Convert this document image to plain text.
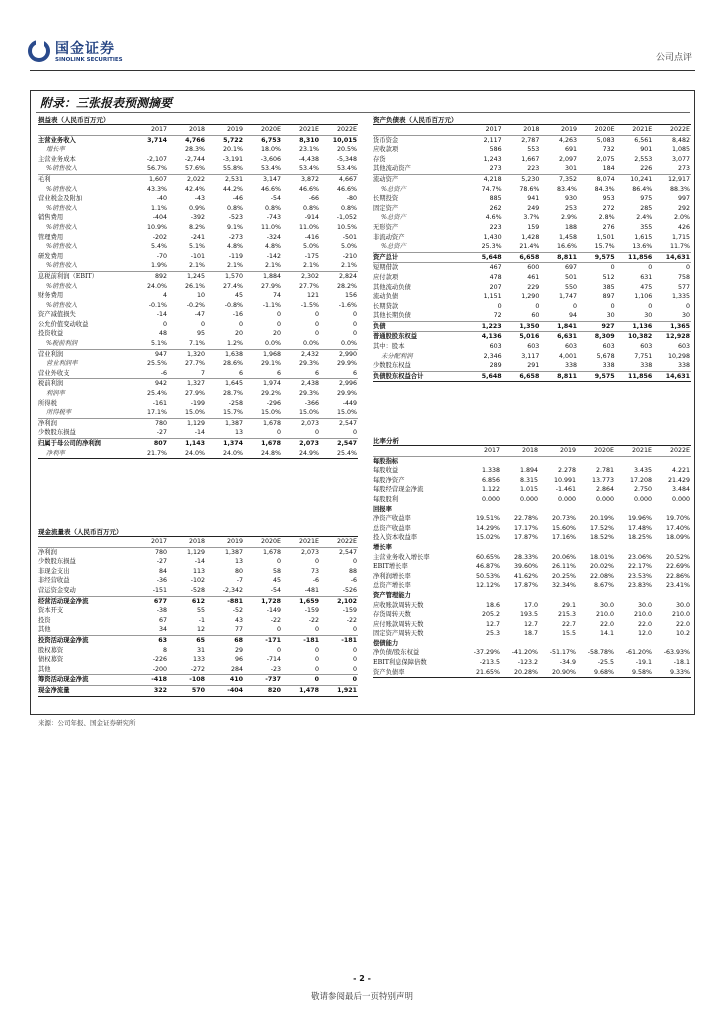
国金证券
SINOLINK SECURITIES	公司点评
附录：三张报表预测摘要
损益表（人民币百万元）
	2017	2018	2019	2020E	2021E	2022E
主营业务收入	3,714	4,766	5,722	6,753	8,310	10,015
增长率		28.3%	20.1%	18.0%	23.1%	20.5%
主营业务成本	-2,107	-2,744	-3,191	-3,606	-4,438	-5,348
%销售收入	56.7%	57.6%	55.8%	53.4%	53.4%	53.4%
毛利	1,607	2,022	2,531	3,147	3,872	4,667
%销售收入	43.3%	42.4%	44.2%	46.6%	46.6%	46.6%
营业税金及附加	-40	-43	-46	-54	-66	-80
%销售收入	1.1%	0.9%	0.8%	0.8%	0.8%	0.8%
销售费用	-404	-392	-523	-743	-914	-1,052
%销售收入	10.9%	8.2%	9.1%	11.0%	11.0%	10.5%
管理费用	-202	-241	-273	-324	-416	-501
%销售收入	5.4%	5.1%	4.8%	4.8%	5.0%	5.0%
研发费用	-70	-101	-119	-142	-175	-210
%销售收入	1.9%	2.1%	2.1%	2.1%	2.1%	2.1%
息税前利润（EBIT）	892	1,245	1,570	1,884	2,302	2,824
%销售收入	24.0%	26.1%	27.4%	27.9%	27.7%	28.2%
财务费用	4	10	45	74	121	156
%销售收入	-0.1%	-0.2%	-0.8%	-1.1%	-1.5%	-1.6%
资产减值损失	-14	-47	-16	0	0	0
公允价值变动收益	0	0	0	0	0	0
投资收益	48	95	20	20	0	0
%税前利润	5.1%	7.1%	1.2%	0.0%	0.0%	0.0%
营业利润	947	1,320	1,638	1,968	2,432	2,990
营业利润率	25.5%	27.7%	28.6%	29.1%	29.3%	29.9%
营业外收支	-6	7	6	6	6	6
税前利润	942	1,327	1,645	1,974	2,438	2,996
利润率	25.4%	27.9%	28.7%	29.2%	29.3%	29.9%
所得税	-161	-199	-258	-296	-366	-449
所得税率	17.1%	15.0%	15.7%	15.0%	15.0%	15.0%
净利润	780	1,129	1,387	1,678	2,073	2,547
少数股东损益	-27	-14	13	0	0	0
归属于母公司的净利润	807	1,143	1,374	1,678	2,073	2,547
净利率	21.7%	24.0%	24.0%	24.8%	24.9%	25.4%
资产负债表（人民币百万元）
	2017	2018	2019	2020E	2021E	2022E
货币资金	2,117	2,787	4,263	5,083	6,561	8,482
应收款项	586	553	691	732	901	1,085
存货	1,243	1,667	2,097	2,075	2,553	3,077
其他流动资产	273	223	301	184	226	273
流动资产	4,218	5,230	7,352	8,074	10,241	12,917
%总资产	74.7%	78.6%	83.4%	84.3%	86.4%	88.3%
长期投资	885	941	930	953	975	997
固定资产	262	249	253	272	285	292
%总资产	4.6%	3.7%	2.9%	2.8%	2.4%	2.0%
无形资产	223	159	188	276	355	426
非流动资产	1,430	1,428	1,458	1,501	1,615	1,715
%总资产	25.3%	21.4%	16.6%	15.7%	13.6%	11.7%
资产总计	5,648	6,658	8,811	9,575	11,856	14,631
短期借款	467	600	697	0	0	0
应付款项	478	461	501	512	631	758
其他流动负债	207	229	550	385	475	577
流动负债	1,151	1,290	1,747	897	1,106	1,335
长期贷款	0	0	0	0	0	0
其他长期负债	72	60	94	30	30	30
负债	1,223	1,350	1,841	927	1,136	1,365
普通股股东权益	4,136	5,016	6,631	8,309	10,382	12,928
其中：股本	603	603	603	603	603	603
未分配利润	2,346	3,117	4,001	5,678	7,751	10,298
少数股东权益	289	291	338	338	338	338
负债股东权益合计	5,648	6,658	8,811	9,575	11,856	14,631
现金流量表（人民币百万元）
	2017	2018	2019	2020E	2021E	2022E
净利润	780	1,129	1,387	1,678	2,073	2,547
少数股东损益	-27	-14	13	0	0	0
非现金支出	84	113	80	58	73	88
非经营收益	-36	-102	-7	45	-6	-6
营运资金变动	-151	-528	-2,342	-54	-481	-526
经营活动现金净流	677	612	-881	1,728	1,659	2,102
资本开支	-38	55	-52	-149	-159	-159
投资	67	-1	43	-22	-22	-22
其他	34	12	77	0	0	0
投资活动现金净流	63	65	68	-171	-181	-181
股权募资	8	31	29	0	0	0
债权募资	-226	133	96	-714	0	0
其他	-200	-272	284	-23	0	0
筹资活动现金净流	-418	-108	410	-737	0	0
现金净流量	322	570	-404	820	1,478	1,921
比率分析
	2017	2018	2019	2020E	2021E	2022E
每股指标						
每股收益	1.338	1.894	2.278	2.781	3.435	4.221
每股净资产	6.856	8.315	10.991	13.773	17.208	21.429
每股经营现金净流	1.122	1.015	-1.461	2.864	2.750	3.484
每股股利	0.000	0.000	0.000	0.000	0.000	0.000
回报率						
净资产收益率	19.51%	22.78%	20.73%	20.19%	19.96%	19.70%
总资产收益率	14.29%	17.17%	15.60%	17.52%	17.48%	17.40%
投入资本收益率	15.02%	17.87%	17.16%	18.52%	18.25%	18.09%
增长率						
主营业务收入增长率	60.65%	28.33%	20.06%	18.01%	23.06%	20.52%
EBIT增长率	46.87%	39.60%	26.11%	20.02%	22.17%	22.69%
净利润增长率	50.53%	41.62%	20.25%	22.08%	23.53%	22.86%
总资产增长率	12.12%	17.87%	32.34%	8.67%	23.83%	23.41%
资产管理能力						
应收账款周转天数	18.6	17.0	29.1	30.0	30.0	30.0
存货周转天数	205.2	193.5	215.3	210.0	210.0	210.0
应付账款周转天数	12.7	12.7	22.7	22.0	22.0	22.0
固定资产周转天数	25.3	18.7	15.5	14.1	12.0	10.2
偿债能力						
净负债/股东权益	-37.29%	-41.20%	-51.17%	-58.78%	-61.20%	-63.93%
EBIT利息保障倍数	-213.5	-123.2	-34.9	-25.5	-19.1	-18.1
资产负债率	21.65%	20.28%	20.90%	9.68%	9.58%	9.33%
来源：公司年报、国金证券研究所
- 2 -
敬请参阅最后一页特别声明
